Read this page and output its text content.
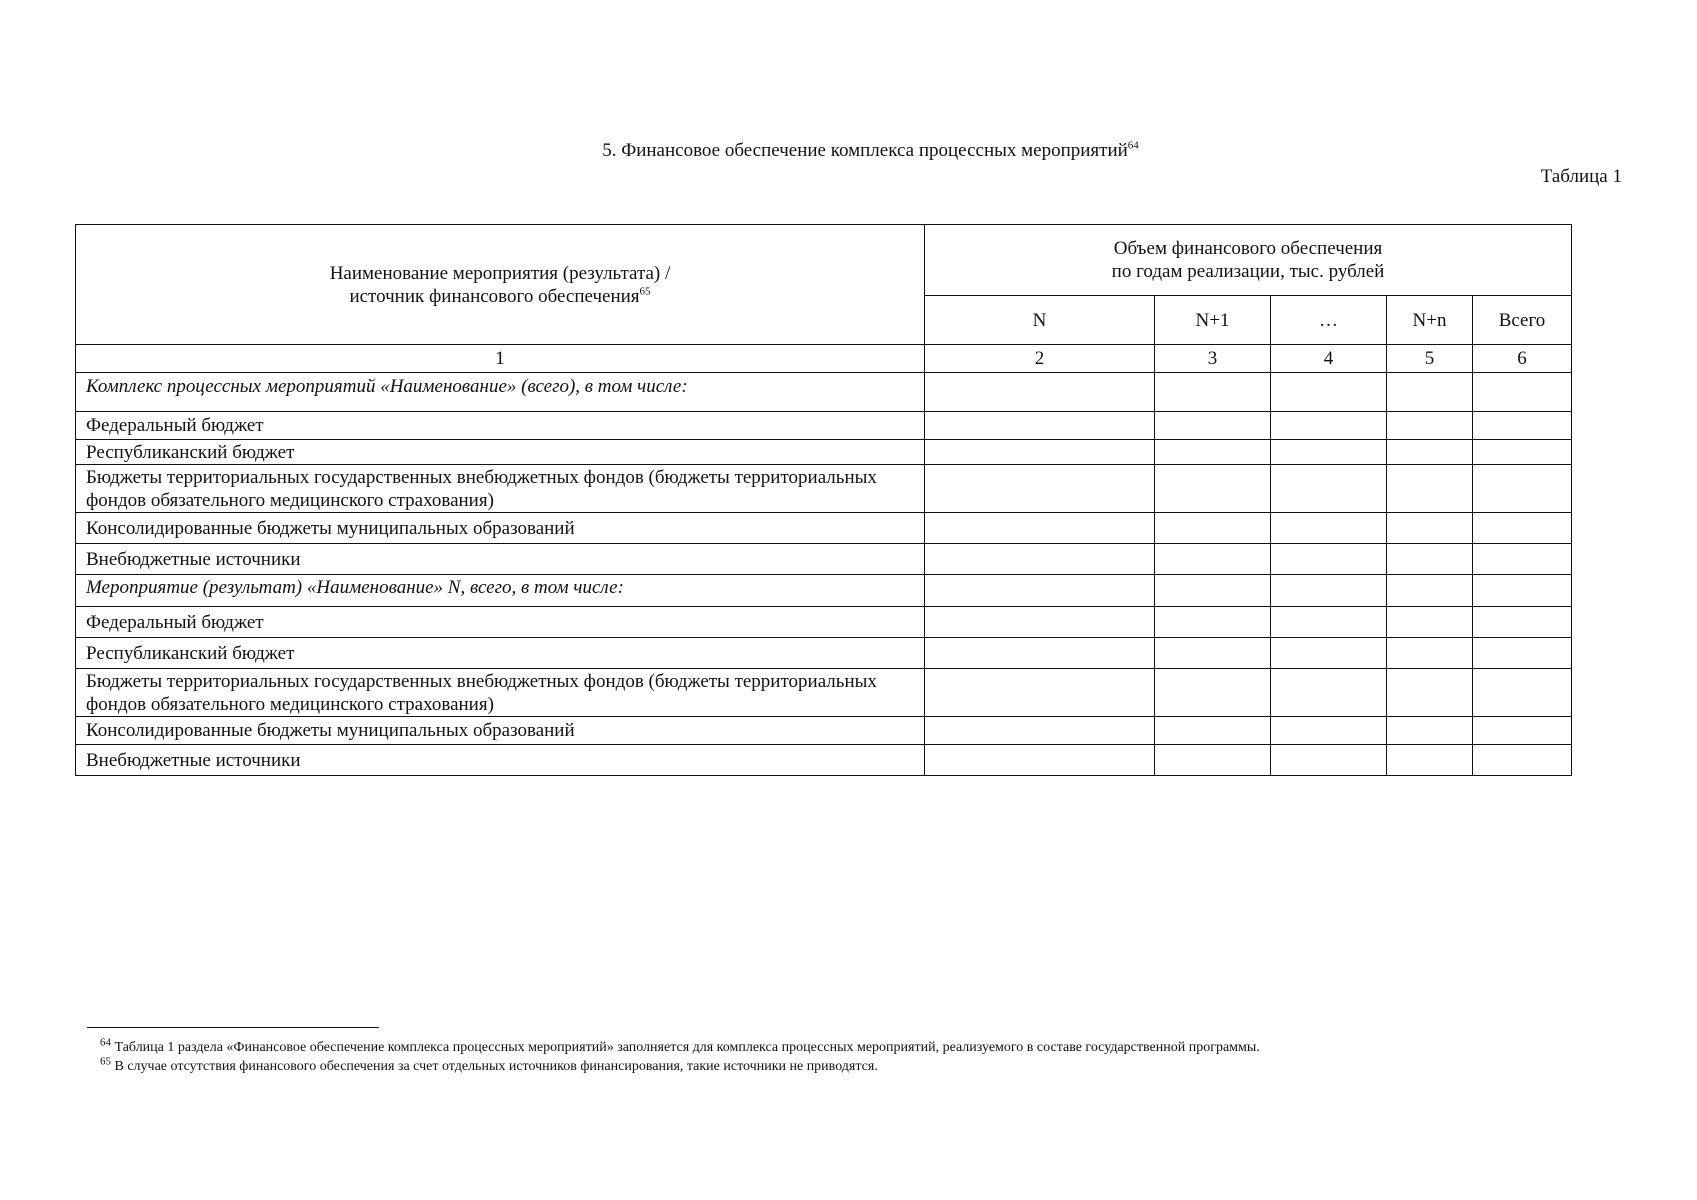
5. Финансовое обеспечение комплекса процессных мероприятий$^{64}$
Таблица 1
Наименование мероприятия (результата) /
источник финансового обеспечения$^{65}$	Объем финансового обеспечения
по годам реализации, тыс. рублей				
	N	N+1	…	N+n	Всего
1	2	3	4	5	6
Комплекс процессных мероприятий «Наименование» (всего), в том числе:					
Федеральный бюджет					
Республиканский бюджет					
Бюджеты территориальных государственных внебюджетных фондов (бюджеты территориальных фондов обязательного медицинского страхования)					
Консолидированные бюджеты муниципальных образований					
Внебюджетные источники					
Мероприятие (результат) «Наименование» N, всего, в том числе:					
Федеральный бюджет					
Республиканский бюджет					
Бюджеты территориальных государственных внебюджетных фондов (бюджеты территориальных фондов обязательного медицинского страхования)					
Консолидированные бюджеты муниципальных образований					
Внебюджетные источники					

$^{64}$ Таблица 1 раздела «Финансовое обеспечение комплекса процессных мероприятий» заполняется для комплекса процессных мероприятий, реализуемого в составе государственной программы.

$^{65}$ В случае отсутствия финансового обеспечения за счет отдельных источников финансирования, такие источники не приводятся.
